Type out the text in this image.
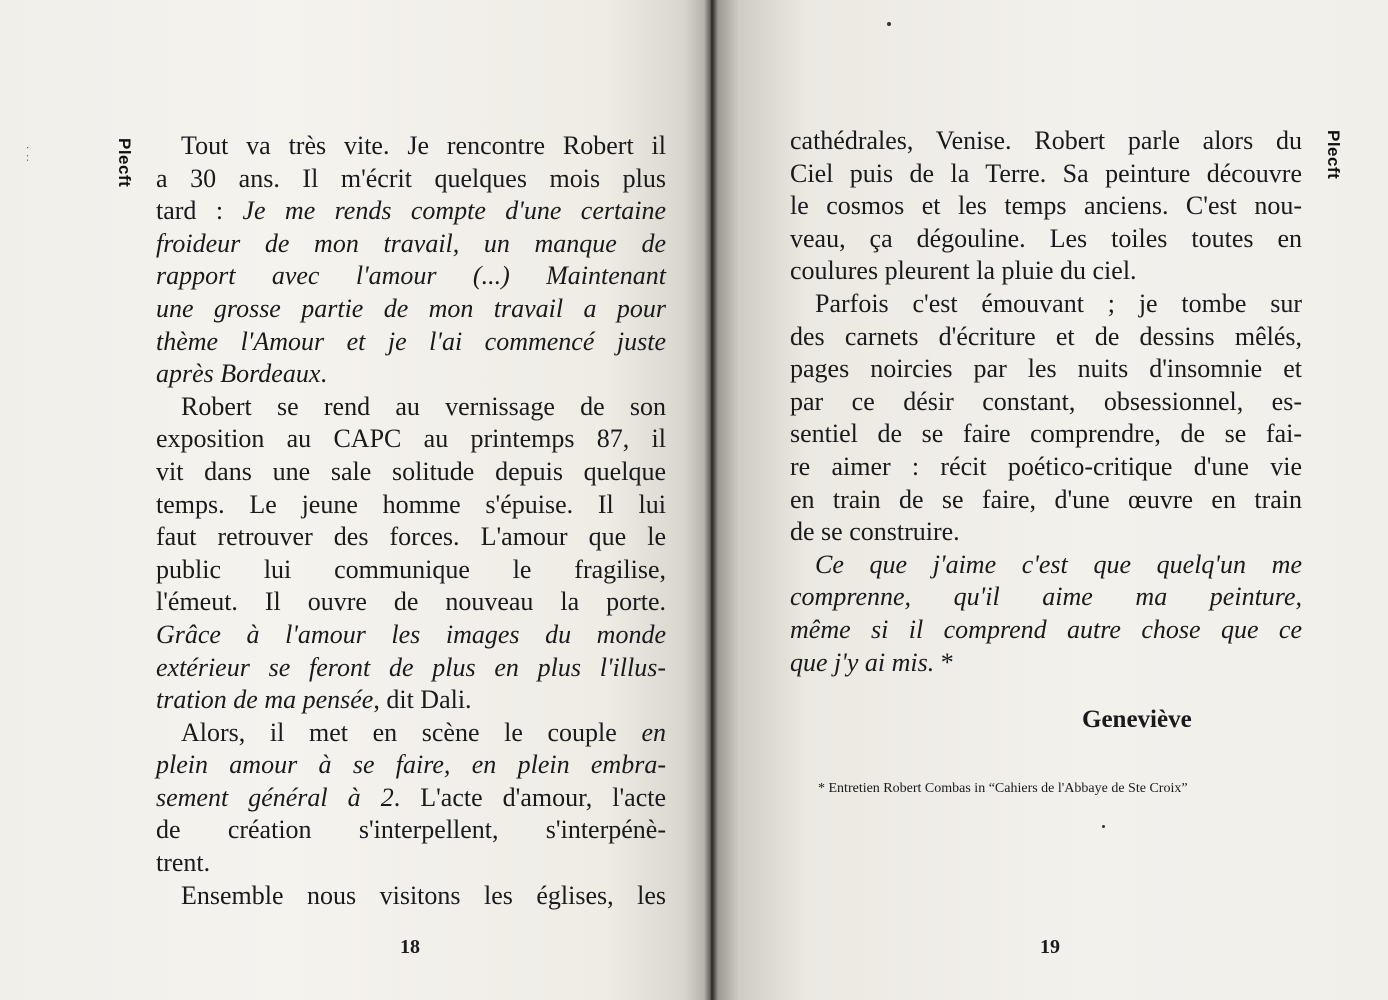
· ··	Plecft	Tout va très vite. Je rencontre Robert il
a 30 ans. Il m'écrit quelques mois plus
tard : Je me rends compte d'une certaine
froideur de mon travail, un manque de
rapport avec l'amour (...) Maintenant
une grosse partie de mon travail a pour
thème l'Amour et je l'ai commencé juste
après Bordeaux.
Robert se rend au vernissage de son
exposition au CAPC au printemps 87, il
vit dans une sale solitude depuis quelque
temps. Le jeune homme s'épuise. Il lui
faut retrouver des forces. L'amour que le
public lui communique le fragilise,
l'émeut. Il ouvre de nouveau la porte.
Grâce à l'amour les images du monde
extérieur se feront de plus en plus l'illus-
tration de ma pensée, dit Dali.
Alors, il met en scène le couple en
plein amour à se faire, en plein embra-
sement général à 2. L'acte d'amour, l'acte
de création s'interpellent, s'interpénè-
trent.
Ensemble nous visitons les églises, les
18
Plecft
cathédrales, Venise. Robert parle alors du
Ciel puis de la Terre. Sa peinture découvre
le cosmos et les temps anciens. C'est nou-
veau, ça dégouline. Les toiles toutes en
coulures pleurent la pluie du ciel.
Parfois c'est émouvant ; je tombe sur
des carnets d'écriture et de dessins mêlés,
pages noircies par les nuits d'insomnie et
par ce désir constant, obsessionnel, es-
sentiel de se faire comprendre, de se fai-
re aimer : récit poético-critique d'une vie
en train de se faire, d'une œuvre en train
de se construire.
Ce que j'aime c'est que quelq'un me
comprenne, qu'il aime ma peinture,
même si il comprend autre chose que ce
que j'y ai mis. *
Geneviève
* Entretien Robert Combas in “Cahiers de l'Abbaye de Ste Croix”
19
